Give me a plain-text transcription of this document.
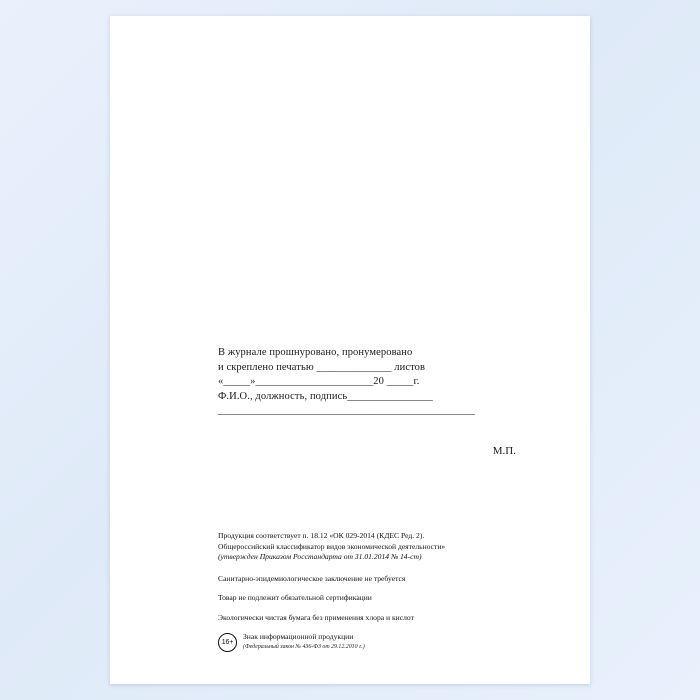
В журнале прошнуровано, пронумеровано
и скреплено печатью ______________ листов
«_____»______________________20 _____г.
Ф.И.О., должность, подпись________________
________________________________________________
М.П.
Продукция соответствует п. 18.12 «ОК 029-2014 (КДЕС Ред. 2).
Общероссийский классификатор видов экономической деятельности»
(утвержден Приказом Росстандарта от 31.01.2014 № 14-ст)
Санитарно-эпидемиологическое заключение не требуется
Товар не подлежит обязательной сертификации
Экологически чистая бумага без применения хлора и кислот
16+
Знак информационной продукции
(Федеральный закон № 436-ФЗ от 29.12.2010 г.)
